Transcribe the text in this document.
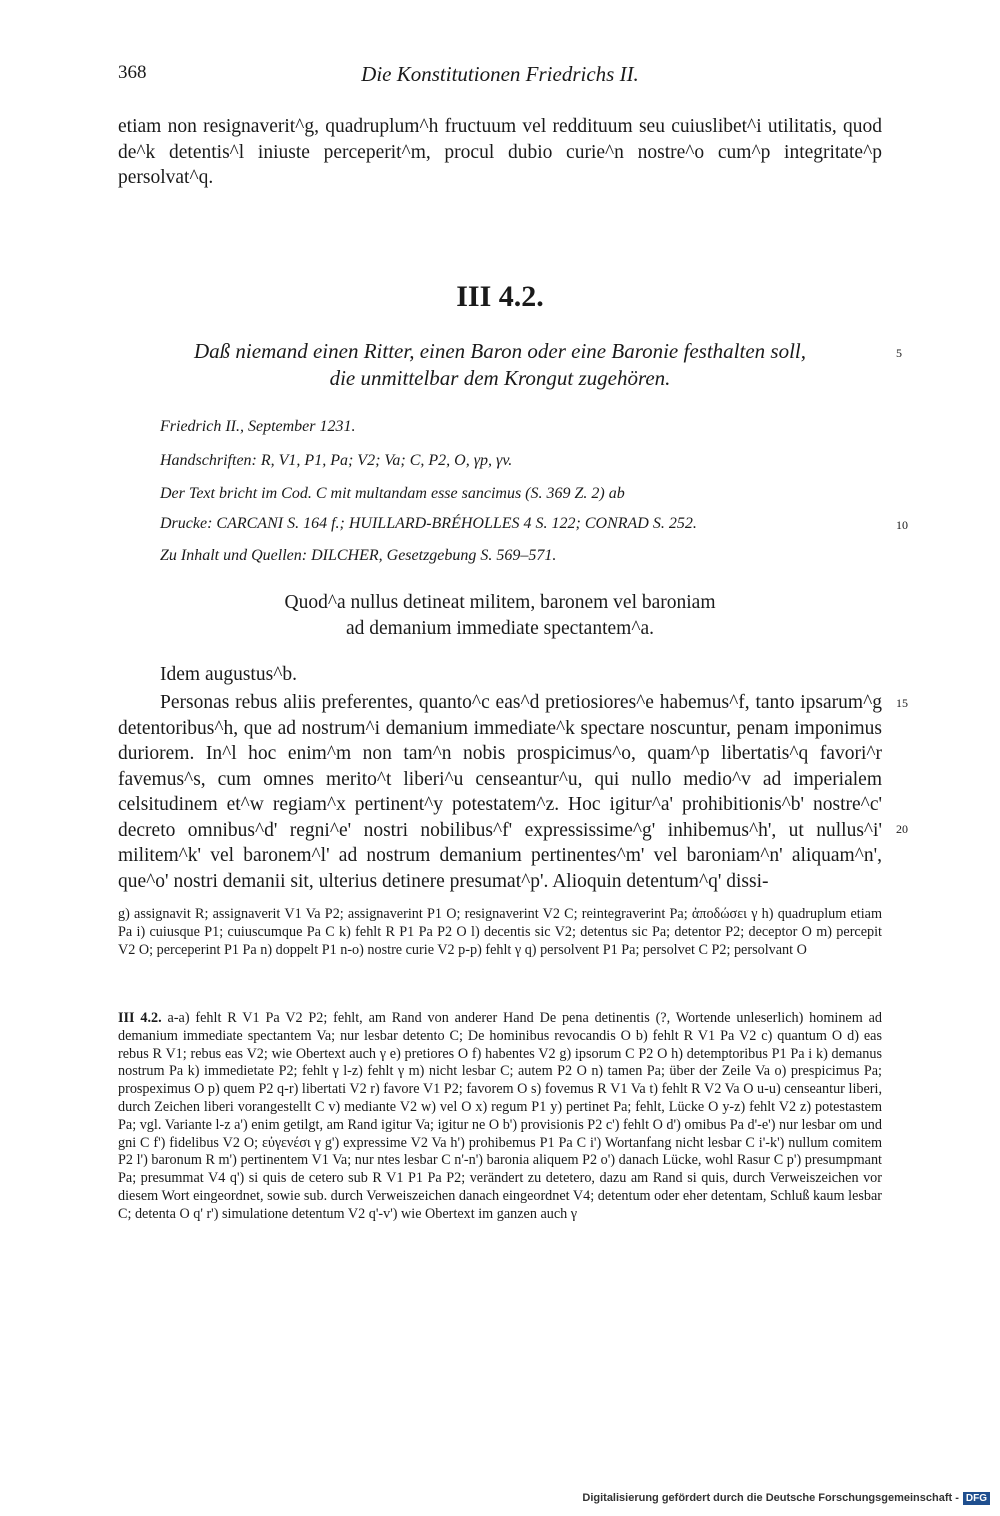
368	Die Konstitutionen Friedrichs II.

etiam non resignaverit^g, quadruplum^h fructuum vel reddituum seu cuiuslibet^i utilitatis, quod de^k detentis^l iniuste perceperit^m, procul dubio curie^n nostre^o cum^p integritate^p persolvat^q.

III 4.2.
Daß niemand einen Ritter, einen Baron oder eine Baronie festhalten soll,
die unmittelbar dem Krongut zugehören.
5
Friedrich II., September 1231.
Handschriften: R, V1, P1, Pa; V2; Va; C, P2, O, γp, γv.
Der Text bricht im Cod. C mit multandam esse sancimus (S. 369 Z. 2) ab
Drucke: CARCANI S. 164 f.; HUILLARD-BRÉHOLLES 4 S. 122; CONRAD S. 252.	10
Zu Inhalt und Quellen: DILCHER, Gesetzgebung S. 569–571.
Quod^a nullus detineat militem, baronem vel baroniam
ad demanium immediate spectantem^a.
Idem augustus^b.

Personas rebus aliis preferentes, quanto^c eas^d pretiosiores^e habemus^f, tanto ipsarum^g detentoribus^h, que ad nostrum^i demanium immediate^k spectare noscuntur, penam imponimus duriorem. In^l hoc enim^m non tam^n nobis prospicimus^o, quam^p libertatis^q favori^r favemus^s, cum omnes merito^t liberi^u censeantur^u, qui nullo medio^v ad imperialem celsitudinem et^w regiam^x pertinent^y potestatem^z. Hoc igitur^a' prohibitionis^b' nostre^c' decreto omnibus^d' regni^e' nostri nobilibus^f' expressissime^g' inhibemus^h', ut nullus^i' militem^k' vel baronem^l' ad nostrum demanium pertinentes^m' vel baroniam^n' aliquam^n', que^o' nostri demanii sit, ulterius detinere presumat^p'. Alioquin detentum^q' dissi-

15
20

g) assignavit R; assignaverit V1 Va P2; assignaverint P1 O; resignaverint V2 C; reintegraverint Pa; ἀποδώσει γ h) quadruplum etiam Pa i) cuiusque P1; cuiuscumque Pa C k) fehlt R P1 Pa P2 O l) decentis sic V2; detentus sic Pa; detentor P2; deceptor O m) percepit V2 O; perceperint P1 Pa n) doppelt P1 n-o) nostre curie V2 p-p) fehlt γ q) persolvent P1 Pa; persolvet C P2; persolvant O

III 4.2. a-a) fehlt R V1 Pa V2 P2; fehlt, am Rand von anderer Hand De pena detinentis (?, Wortende unleserlich) hominem ad demanium immediate spectantem Va; nur lesbar detento C; De hominibus revocandis O b) fehlt R V1 Pa V2 c) quantum O d) eas rebus R V1; rebus eas V2; wie Obertext auch γ e) pretiores O f) habentes V2 g) ipsorum C P2 O h) detemptoribus P1 Pa i k) demanus nostrum Pa k) immedietate P2; fehlt γ l-z) fehlt γ m) nicht lesbar C; autem P2 O n) tamen Pa; über der Zeile Va o) prespicimus Pa; prospeximus O p) quem P2 q-r) libertati V2 r) favore V1 P2; favorem O s) fovemus R V1 Va t) fehlt R V2 Va O u-u) censeantur liberi, durch Zeichen liberi vorangestellt C v) mediante V2 w) vel O x) regum P1 y) pertinet Pa; fehlt, Lücke O y-z) fehlt V2 z) potestastem Pa; vgl. Variante l-z a') enim getilgt, am Rand igitur Va; igitur ne O b') provisionis P2 c') fehlt O d') omibus Pa d'-e') nur lesbar om und gni C f') fidelibus V2 O; εὐγενέσι γ g') expressime V2 Va h') prohibemus P1 Pa C i') Wortanfang nicht lesbar C i'-k') nullum comitem P2 l') baronum R m') pertinentem V1 Va; nur ntes lesbar C n'-n') baronia aliquem P2 o') danach Lücke, wohl Rasur C p') presumpmant Pa; presummat V4 q') si quis de cetero sub R V1 P1 Pa P2; verändert zu detetero, dazu am Rand si quis, durch Verweiszeichen vor diesem Wort eingeordnet, sowie sub. durch Verweiszeichen danach eingeordnet V4; detentum oder eher detentam, Schluß kaum lesbar C; detenta O q' r') simulatione detentum V2 q'-v') wie Obertext im ganzen auch γ

Digitalisierung gefördert durch die Deutsche Forschungsgemeinschaft - DFG
